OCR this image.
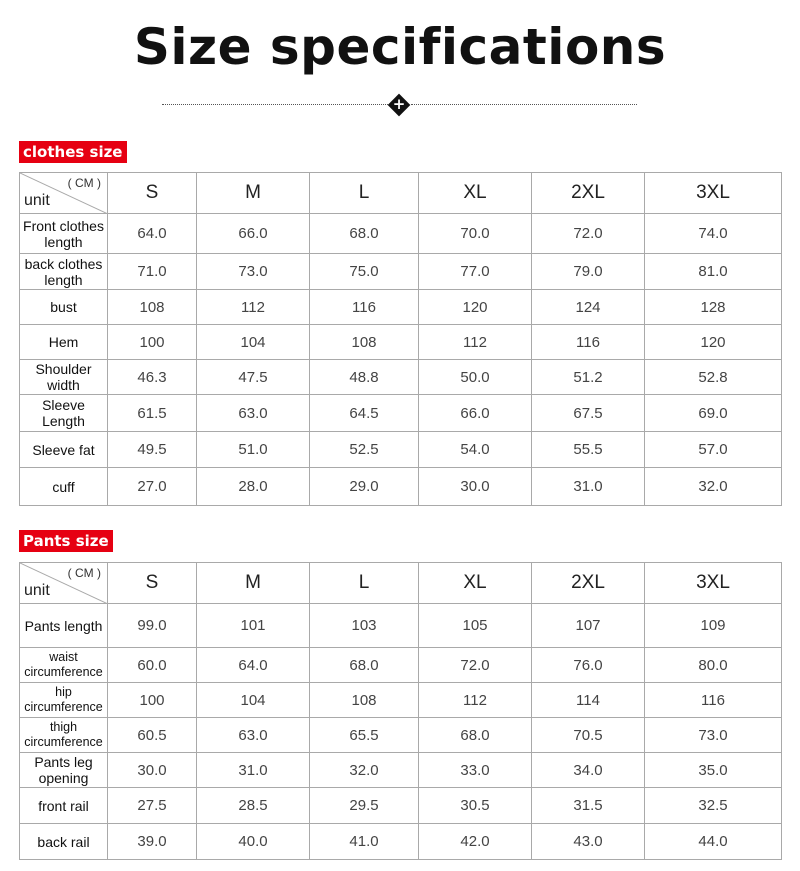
Size specifications
+
clothes size
( CM )
unit	S	M	L	XL	2XL	3XL
Front clothes length	64.0	66.0	68.0	70.0	72.0	74.0
back clothes length	71.0	73.0	75.0	77.0	79.0	81.0
bust	108	112	116	120	124	128
Hem	100	104	108	112	116	120
Shoulder width	46.3	47.5	48.8	50.0	51.2	52.8
Sleeve Length	61.5	63.0	64.5	66.0	67.5	69.0
Sleeve fat	49.5	51.0	52.5	54.0	55.5	57.0
cuff	27.0	28.0	29.0	30.0	31.0	32.0
Pants size
( CM )
unit	S	M	L	XL	2XL	3XL
Pants length	99.0	101	103	105	107	109
waist circumference	60.0	64.0	68.0	72.0	76.0	80.0
hip circumference	100	104	108	112	114	116
thigh circumference	60.5	63.0	65.5	68.0	70.5	73.0
Pants leg opening	30.0	31.0	32.0	33.0	34.0	35.0
front rail	27.5	28.5	29.5	30.5	31.5	32.5
back rail	39.0	40.0	41.0	42.0	43.0	44.0
